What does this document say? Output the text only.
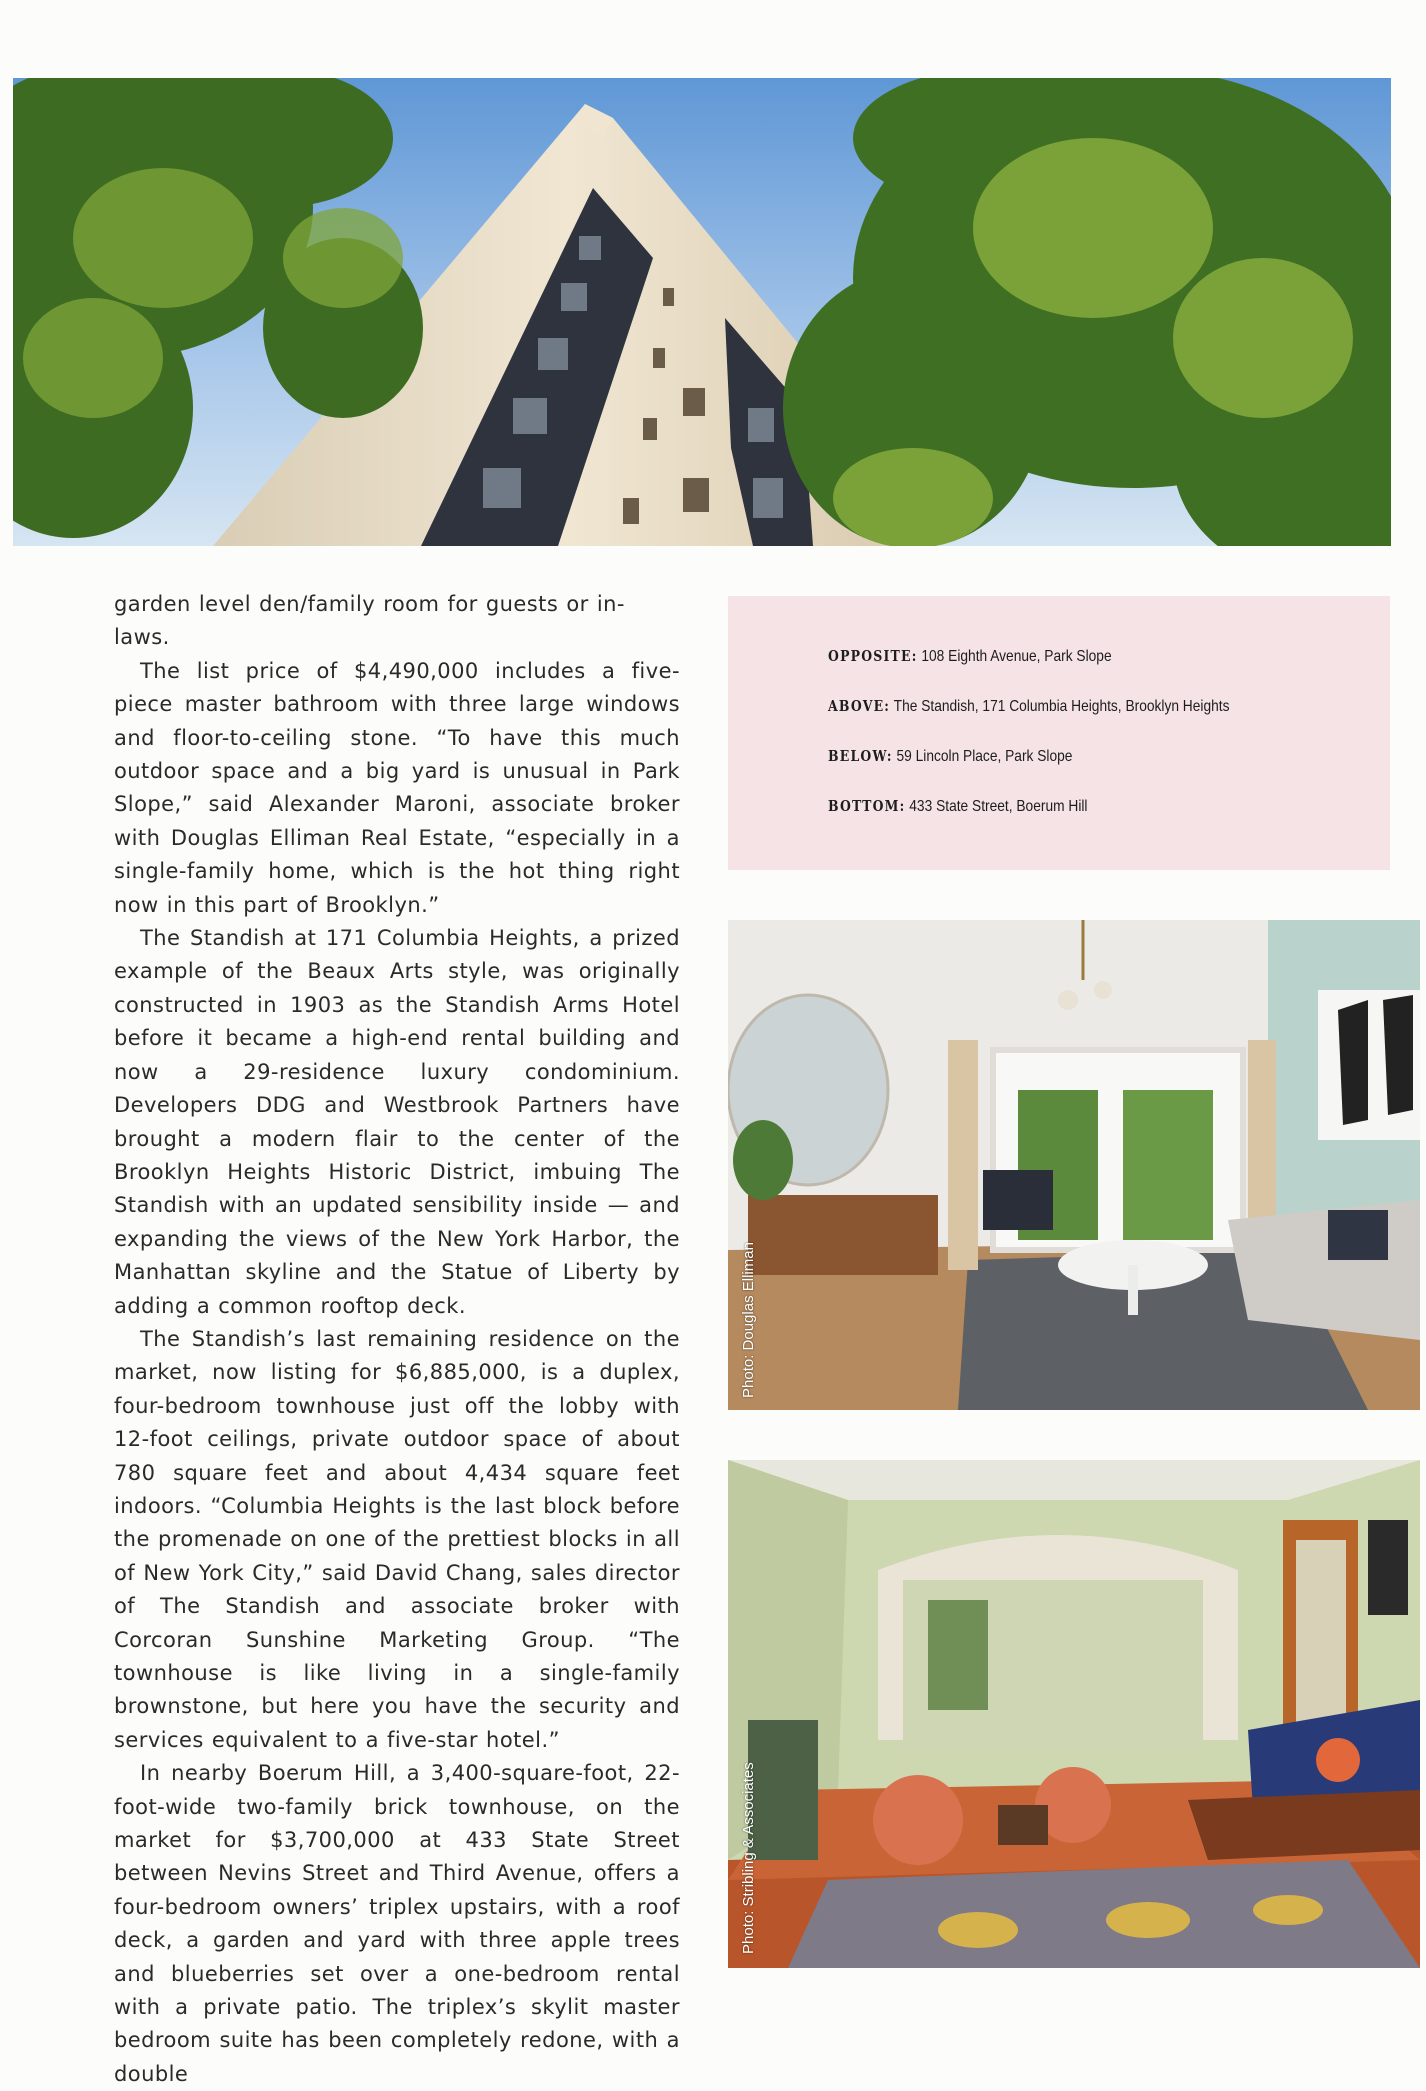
garden level den/family room for guests or in-laws.

The list price of $4,490,000 includes a five-piece master bathroom with three large windows and floor-to-ceiling stone. “To have this much outdoor space and a big yard is unusual in Park Slope,” said Alexander Maroni, associate broker with Douglas Elliman Real Estate, “especially in a single-family home, which is the hot thing right now in this part of Brooklyn.”

The Standish at 171 Columbia Heights, a prized example of the Beaux Arts style, was originally constructed in 1903 as the Standish Arms Hotel before it became a high-end rental building and now a 29-residence luxury condominium. Developers DDG and Westbrook Partners have brought a modern flair to the center of the Brooklyn Heights Historic District, imbuing The Standish with an updated sensibility inside — and expanding the views of the New York Harbor, the Manhattan skyline and the Statue of Liberty by adding a common rooftop deck.

The Standish’s last remaining residence on the market, now listing for $6,885,000, is a duplex, four-bedroom townhouse just off the lobby with 12-foot ceilings, private outdoor space of about 780 square feet and about 4,434 square feet indoors. “Columbia Heights is the last block before the promenade on one of the prettiest blocks in all of New York City,” said David Chang, sales director of The Standish and associate broker with Corcoran Sunshine Marketing Group. “The townhouse is like living in a single-family brownstone, but here you have the security and services equivalent to a five-star hotel.”

In nearby Boerum Hill, a 3,400-square-foot, 22-foot-wide two-family brick townhouse, on the market for $3,700,000 at 433 State Street between Nevins Street and Third Avenue, offers a four-bedroom owners’ triplex upstairs, with a roof deck, a garden and yard with three apple trees and blueberries set over a one-bedroom rental with a private patio. The triplex’s skylit master bedroom suite has been completely redone, with a double

OPPOSITE: 108 Eighth Avenue, Park Slope
ABOVE: The Standish, 171 Columbia Heights, Brooklyn Heights
BELOW: 59 Lincoln Place, Park Slope
BOTTOM: 433 State Street, Boerum Hill
Photo: Douglas Elliman
Photo: Stribling & Associates
